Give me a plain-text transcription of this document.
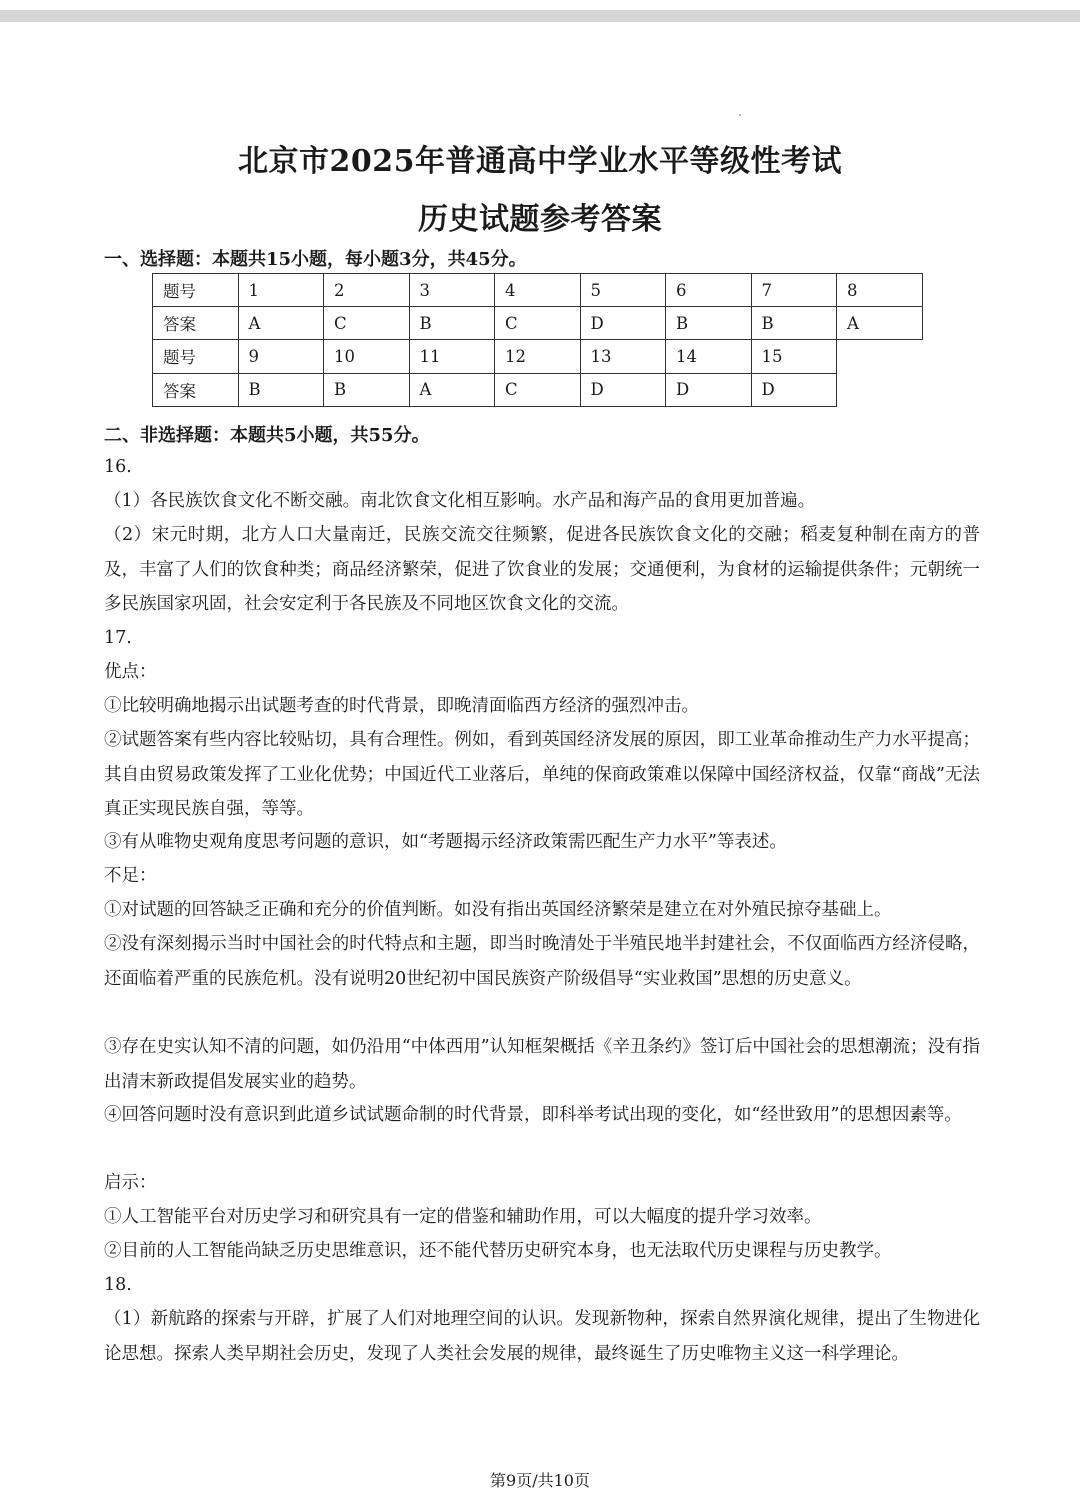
北京市2025年普通高中学业水平等级性考试
历史试题参考答案
一、选择题：本题共15小题，每小题3分，共45分。
题号	1	2	3	4	5	6	7	8
答案	A	C	B	C	D	B	B	A
题号	9	10	11	12	13	14	15	
答案	B	B	A	C	D	D	D	
二、非选择题：本题共5小题，共55分。
16.
（1）各民族饮食文化不断交融。南北饮食文化相互影响。水产品和海产品的食用更加普遍。
（2）宋元时期，北方人口大量南迁，民族交流交往频繁，促进各民族饮食文化的交融；稻麦复种制在南方的普及，丰富了人们的饮食种类；商品经济繁荣，促进了饮食业的发展；交通便利，为食材的运输提供条件；元朝统一多民族国家巩固，社会安定利于各民族及不同地区饮食文化的交流。
17.
优点：
①比较明确地揭示出试题考查的时代背景，即晚清面临西方经济的强烈冲击。
②试题答案有些内容比较贴切，具有合理性。例如，看到英国经济发展的原因，即工业革命推动生产力水平提高；其自由贸易政策发挥了工业化优势；中国近代工业落后，单纯的保商政策难以保障中国经济权益，仅靠“商战”无法真正实现民族自强，等等。
③有从唯物史观角度思考问题的意识，如“考题揭示经济政策需匹配生产力水平”等表述。
不足：
①对试题的回答缺乏正确和充分的价值判断。如没有指出英国经济繁荣是建立在对外殖民掠夺基础上。
②没有深刻揭示当时中国社会的时代特点和主题，即当时晚清处于半殖民地半封建社会，不仅面临西方经济侵略，还面临着严重的民族危机。没有说明20世纪初中国民族资产阶级倡导“实业救国”思想的历史意义。
③存在史实认知不清的问题，如仍沿用“中体西用”认知框架概括《辛丑条约》签订后中国社会的思想潮流；没有指出清末新政提倡发展实业的趋势。
④回答问题时没有意识到此道乡试试题命制的时代背景，即科举考试出现的变化，如“经世致用”的思想因素等。
启示：
①人工智能平台对历史学习和研究具有一定的借鉴和辅助作用，可以大幅度的提升学习效率。
②目前的人工智能尚缺乏历史思维意识，还不能代替历史研究本身，也无法取代历史课程与历史教学。
18.
（1）新航路的探索与开辟，扩展了人们对地理空间的认识。发现新物种，探索自然界演化规律，提出了生物进化论思想。探索人类早期社会历史，发现了人类社会发展的规律，最终诞生了历史唯物主义这一科学理论。
第9页/共10页
